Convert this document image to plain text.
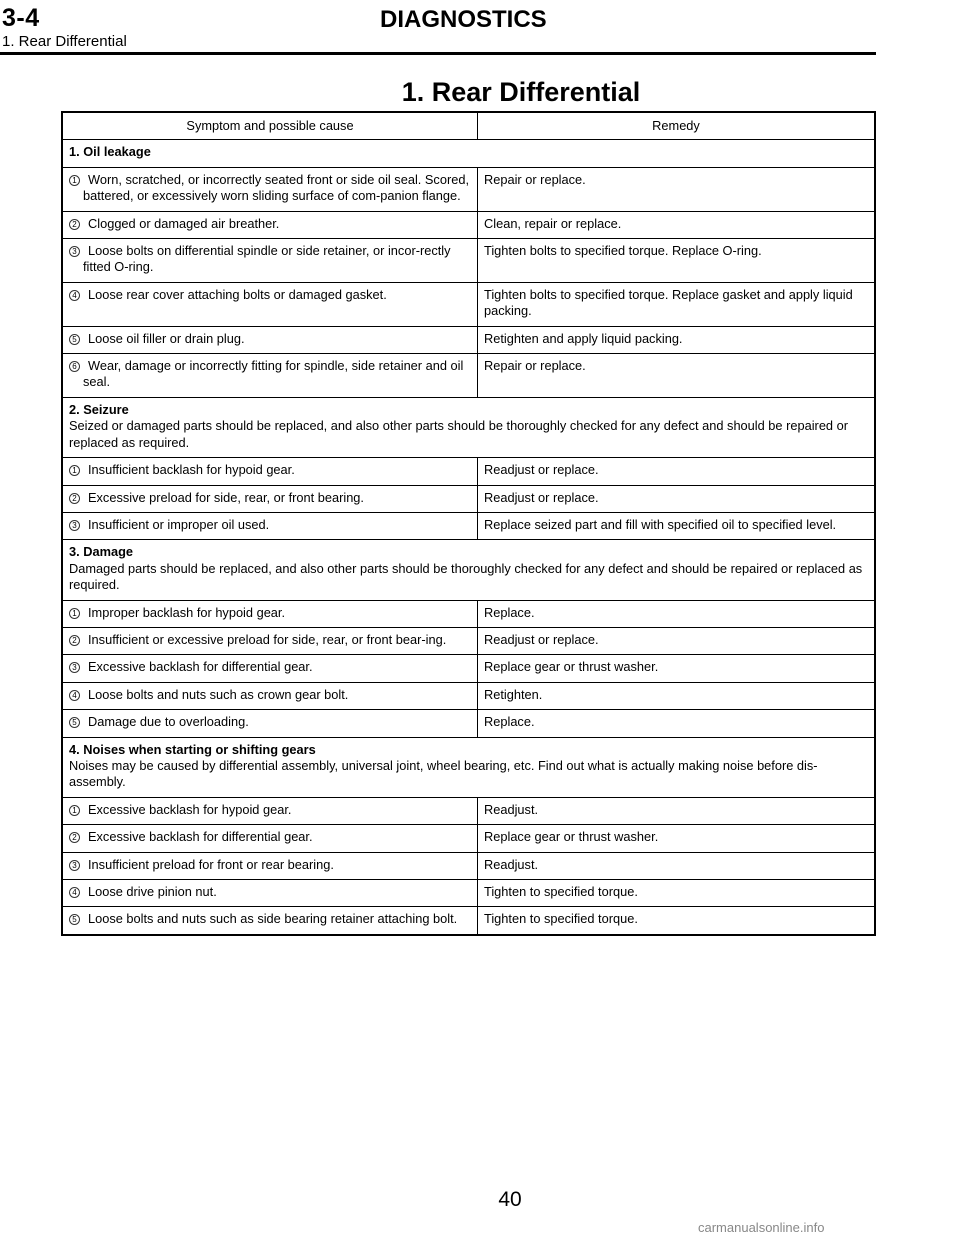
3-4	DIAGNOSTICS
1. Rear Differential
1. Rear Differential
Symptom and possible cause	Remedy
1. Oil leakage	
1 Worn, scratched, or incorrectly seated front or side oil seal. Scored, battered, or excessively worn sliding surface of com-panion flange.	Repair or replace.
2 Clogged or damaged air breather.	Clean, repair or replace.
3 Loose bolts on differential spindle or side retainer, or incor-rectly fitted O-ring.	Tighten bolts to specified torque. Replace O-ring.
4 Loose rear cover attaching bolts or damaged gasket.	Tighten bolts to specified torque. Replace gasket and apply liquid packing.
5 Loose oil filler or drain plug.	Retighten and apply liquid packing.
6 Wear, damage or incorrectly fitting for spindle, side retainer and oil seal.	Repair or replace.
2. Seizure
Seized or damaged parts should be replaced, and also other parts should be thoroughly checked for any defect and should be repaired or replaced as required.	
1 Insufficient backlash for hypoid gear.	Readjust or replace.
2 Excessive preload for side, rear, or front bearing.	Readjust or replace.
3 Insufficient or improper oil used.	Replace seized part and fill with specified oil to specified level.
3. Damage
Damaged parts should be replaced, and also other parts should be thoroughly checked for any defect and should be repaired or replaced as required.	
1 Improper backlash for hypoid gear.	Replace.
2 Insufficient or excessive preload for side, rear, or front bear-ing.	Readjust or replace.
3 Excessive backlash for differential gear.	Replace gear or thrust washer.
4 Loose bolts and nuts such as crown gear bolt.	Retighten.
5 Damage due to overloading.	Replace.
4. Noises when starting or shifting gears
Noises may be caused by differential assembly, universal joint, wheel bearing, etc. Find out what is actually making noise before dis-assembly.	
1 Excessive backlash for hypoid gear.	Readjust.
2 Excessive backlash for differential gear.	Replace gear or thrust washer.
3 Insufficient preload for front or rear bearing.	Readjust.
4 Loose drive pinion nut.	Tighten to specified torque.
5 Loose bolts and nuts such as side bearing retainer attaching bolt.	Tighten to specified torque.
40
carmanualsonline.info
